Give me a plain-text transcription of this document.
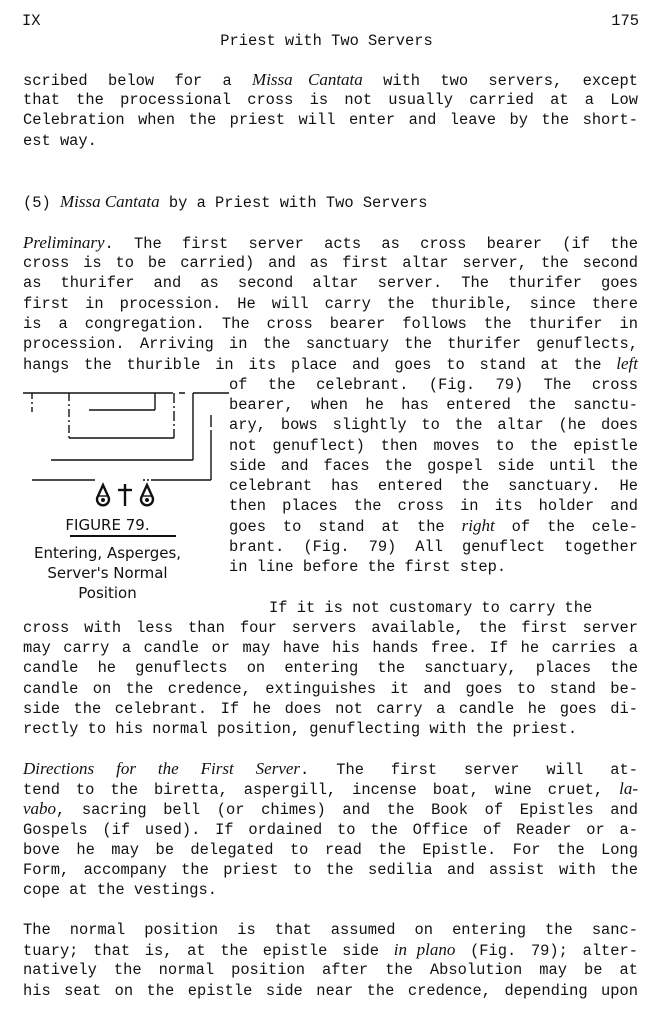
IX	175
Priest with Two Servers
scribed below for a Missa Cantata with two servers, except
that the processional cross is not usually carried at a Low
Celebration when the priest will enter and leave by the short-
est way.
(5) Missa Cantata by a Priest with Two Servers
Preliminary. The first server acts as cross bearer (if the
cross is to be carried) and as first altar server, the second
as thurifer and as second altar server. The thurifer goes
first in procession. He will carry the thurible, since there
is a congregation. The cross bearer follows the thurifer in
procession. Arriving in the sanctuary the thurifer genuflects,
hangs the thurible in its place and goes to stand at the left
of the celebrant. (Fig. 79) The cross
bearer, when he has entered the sanctu-
ary, bows slightly to the altar (he does
not genuflect) then moves to the epistle
side and faces the gospel side until the
celebrant has entered the sanctuary. He
then places the cross in its holder and
goes to stand at the right of the cele-
brant. (Fig. 79) All genuflect together
in line before the first step.
FIGURE 79.
Entering, Asperges,
Server's Normal
Position
If it is not customary to carry the
cross with less than four servers available, the first server
may carry a candle or may have his hands free. If he carries a
candle he genuflects on entering the sanctuary, places the
candle on the credence, extinguishes it and goes to stand be-
side the celebrant. If he does not carry a candle he goes di-
rectly to his normal position, genuflecting with the priest.
Directions for the First Server. The first server will at-
tend to the biretta, aspergill, incense boat, wine cruet, la-
vabo, sacring bell (or chimes) and the Book of Epistles and
Gospels (if used). If ordained to the Office of Reader or a-
bove he may be delegated to read the Epistle. For the Long
Form, accompany the priest to the sedilia and assist with the
cope at the vestings.
The normal position is that assumed on entering the sanc-
tuary; that is, at the epistle side in plano (Fig. 79); alter-
natively the normal position after the Absolution may be at
his seat on the epistle side near the credence, depending upon
